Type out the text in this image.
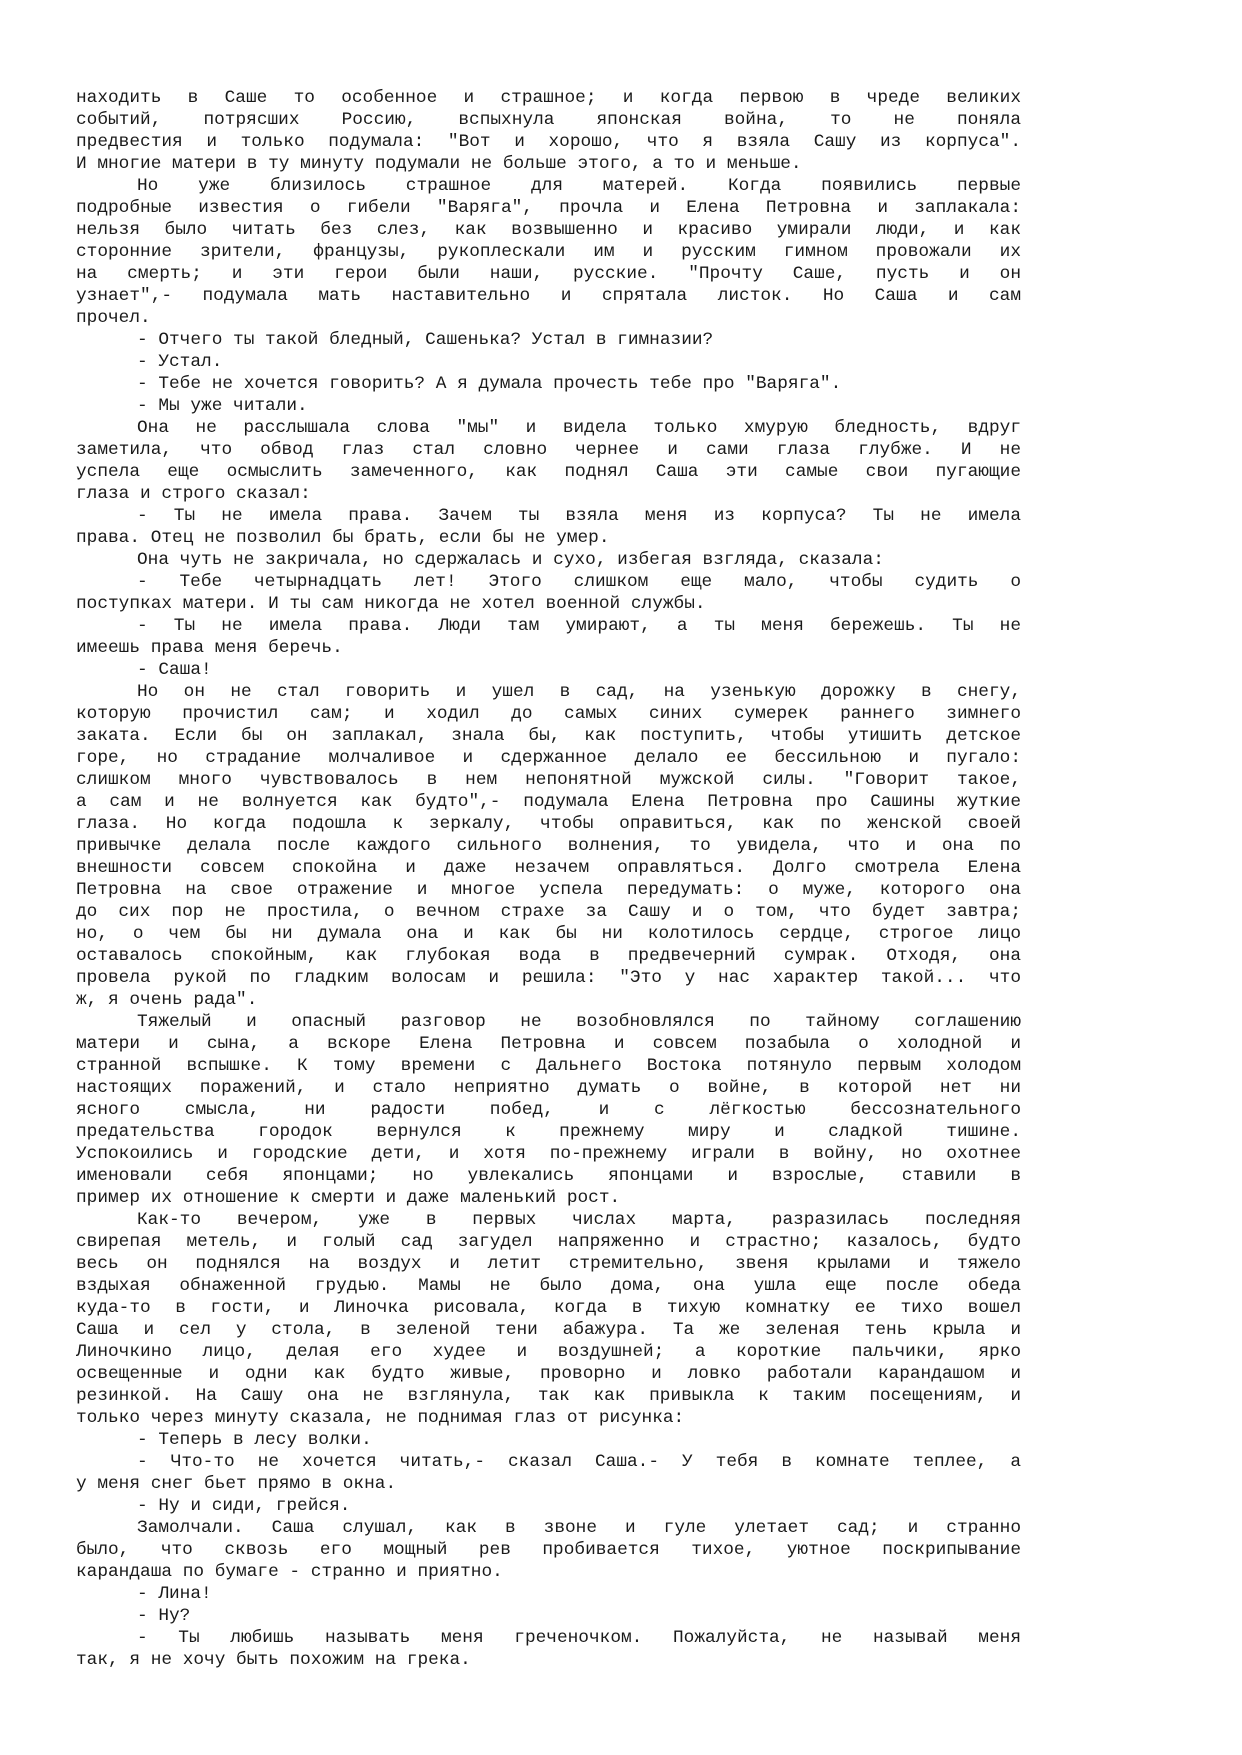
находить в Саше то особенное и страшное; и когда первою в чреде великих
событий, потрясших Россию, вспыхнула японская война, то не поняла
предвестия и только подумала: "Вот и хорошо, что я взяла Сашу из корпуса".
И многие матери в ту минуту подумали не больше этого, а то и меньше.
Но уже близилось страшное для матерей. Когда появились первые
подробные известия о гибели "Варяга", прочла и Елена Петровна и заплакала:
нельзя было читать без слез, как возвышенно и красиво умирали люди, и как
сторонние зрители, французы, рукоплескали им и русским гимном провожали их
на смерть; и эти герои были наши, русские. "Прочту Саше, пусть и он
узнает",- подумала мать наставительно и спрятала листок. Но Саша и сам
прочел.
- Отчего ты такой бледный, Сашенька? Устал в гимназии?
- Устал.
- Тебе не хочется говорить? А я думала прочесть тебе про "Варяга".
- Мы уже читали.
Она не расслышала слова "мы" и видела только хмурую бледность, вдруг
заметила, что обвод глаз стал словно чернее и сами глаза глубже. И не
успела еще осмыслить замеченного, как поднял Саша эти самые свои пугающие
глаза и строго сказал:
- Ты не имела права. Зачем ты взяла меня из корпуса? Ты не имела
права. Отец не позволил бы брать, если бы не умер.
Она чуть не закричала, но сдержалась и сухо, избегая взгляда, сказала:
- Тебе четырнадцать лет! Этого слишком еще мало, чтобы судить о
поступках матери. И ты сам никогда не хотел военной службы.
- Ты не имела права. Люди там умирают, а ты меня бережешь. Ты не
имеешь права меня беречь.
- Саша!
Но он не стал говорить и ушел в сад, на узенькую дорожку в снегу,
которую прочистил сам; и ходил до самых синих сумерек раннего зимнего
заката. Если бы он заплакал, знала бы, как поступить, чтобы утишить детское
горе, но страдание молчаливое и сдержанное делало ее бессильною и пугало:
слишком много чувствовалось в нем непонятной мужской силы. "Говорит такое,
а сам и не волнуется как будто",- подумала Елена Петровна про Сашины жуткие
глаза. Но когда подошла к зеркалу, чтобы оправиться, как по женской своей
привычке делала после каждого сильного волнения, то увидела, что и она по
внешности совсем спокойна и даже незачем оправляться. Долго смотрела Елена
Петровна на свое отражение и многое успела передумать: о муже, которого она
до сих пор не простила, о вечном страхе за Сашу и о том, что будет завтра;
но, о чем бы ни думала она и как бы ни колотилось сердце, строгое лицо
оставалось спокойным, как глубокая вода в предвечерний сумрак. Отходя, она
провела рукой по гладким волосам и решила: "Это у нас характер такой... что
ж, я очень рада".
Тяжелый и опасный разговор не возобновлялся по тайному соглашению
матери и сына, а вскоре Елена Петровна и совсем позабыла о холодной и
странной вспышке. К тому времени с Дальнего Востока потянуло первым холодом
настоящих поражений, и стало неприятно думать о войне, в которой нет ни
ясного смысла, ни радости побед, и с лёгкостью бессознательного
предательства городок вернулся к прежнему миру и сладкой тишине.
Успокоились и городские дети, и хотя по-прежнему играли в войну, но охотнее
именовали себя японцами; но увлекались японцами и взрослые, ставили в
пример их отношение к смерти и даже маленький рост.
Как-то вечером, уже в первых числах марта, разразилась последняя
свирепая метель, и голый сад загудел напряженно и страстно; казалось, будто
весь он поднялся на воздух и летит стремительно, звеня крылами и тяжело
вздыхая обнаженной грудью. Мамы не было дома, она ушла еще после обеда
куда-то в гости, и Линочка рисовала, когда в тихую комнатку ее тихо вошел
Саша и сел у стола, в зеленой тени абажура. Та же зеленая тень крыла и
Линочкино лицо, делая его худее и воздушней; а короткие пальчики, ярко
освещенные и одни как будто живые, проворно и ловко работали карандашом и
резинкой. На Сашу она не взглянула, так как привыкла к таким посещениям, и
только через минуту сказала, не поднимая глаз от рисунка:
- Теперь в лесу волки.
- Что-то не хочется читать,- сказал Саша.- У тебя в комнате теплее, а
у меня снег бьет прямо в окна.
- Ну и сиди, грейся.
Замолчали. Саша слушал, как в звоне и гуле улетает сад; и странно
было, что сквозь его мощный рев пробивается тихое, уютное поскрипывание
карандаша по бумаге - странно и приятно.
- Лина!
- Ну?
- Ты любишь называть меня греченочком. Пожалуйста, не называй меня
так, я не хочу быть похожим на грека.
